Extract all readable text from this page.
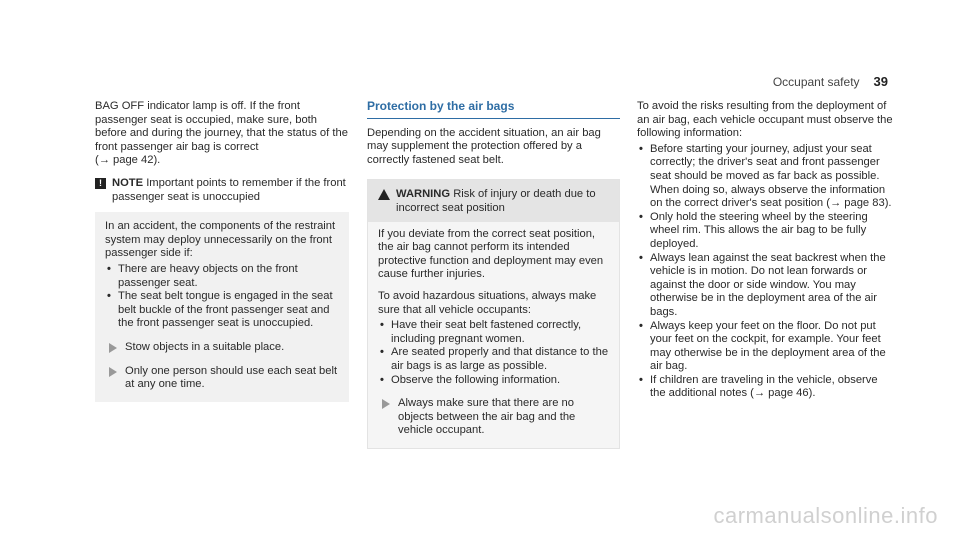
Occupant safety 39

BAG OFF indicator lamp is off. If the front passenger seat is occupied, make sure, both before and during the journey, that the status of the front passenger air bag is correct
(→ page 42).

! NOTE Important points to remember if the front passenger seat is unoccupied

In an accident, the components of the restraint system may deploy unnecessarily on the front passenger side if:

• There are heavy objects on the front passenger seat.
• The seat belt tongue is engaged in the seat belt buckle of the front passenger seat and the front passenger seat is unoccupied.

Stow objects in a suitable place.

Only one person should use each seat belt at any one time.

Protection by the air bags

Depending on the accident situation, an air bag may supplement the protection offered by a correctly fastened seat belt.

WARNING Risk of injury or death due to incorrect seat position

If you deviate from the correct seat position, the air bag cannot perform its intended protective function and deployment may even cause further injuries.

To avoid hazardous situations, always make sure that all vehicle occupants:

• Have their seat belt fastened correctly, including pregnant women.
• Are seated properly and that distance to the air bags is as large as possible.
• Observe the following information.

Always make sure that there are no objects between the air bag and the vehicle occupant.

To avoid the risks resulting from the deployment of an air bag, each vehicle occupant must observe the following information:

• Before starting your journey, adjust your seat correctly; the driver's seat and front passenger seat should be moved as far back as possible.
When doing so, always observe the information on the correct driver's seat position (→ page 83).
• Only hold the steering wheel by the steering wheel rim. This allows the air bag to be fully deployed.
• Always lean against the seat backrest when the vehicle is in motion. Do not lean forwards or against the door or side window. You may otherwise be in the deployment area of the air bags.
• Always keep your feet on the floor. Do not put your feet on the cockpit, for example. Your feet may otherwise be in the deployment area of the air bag.
• If children are traveling in the vehicle, observe the additional notes (→ page 46).
carmanualsonline.info
